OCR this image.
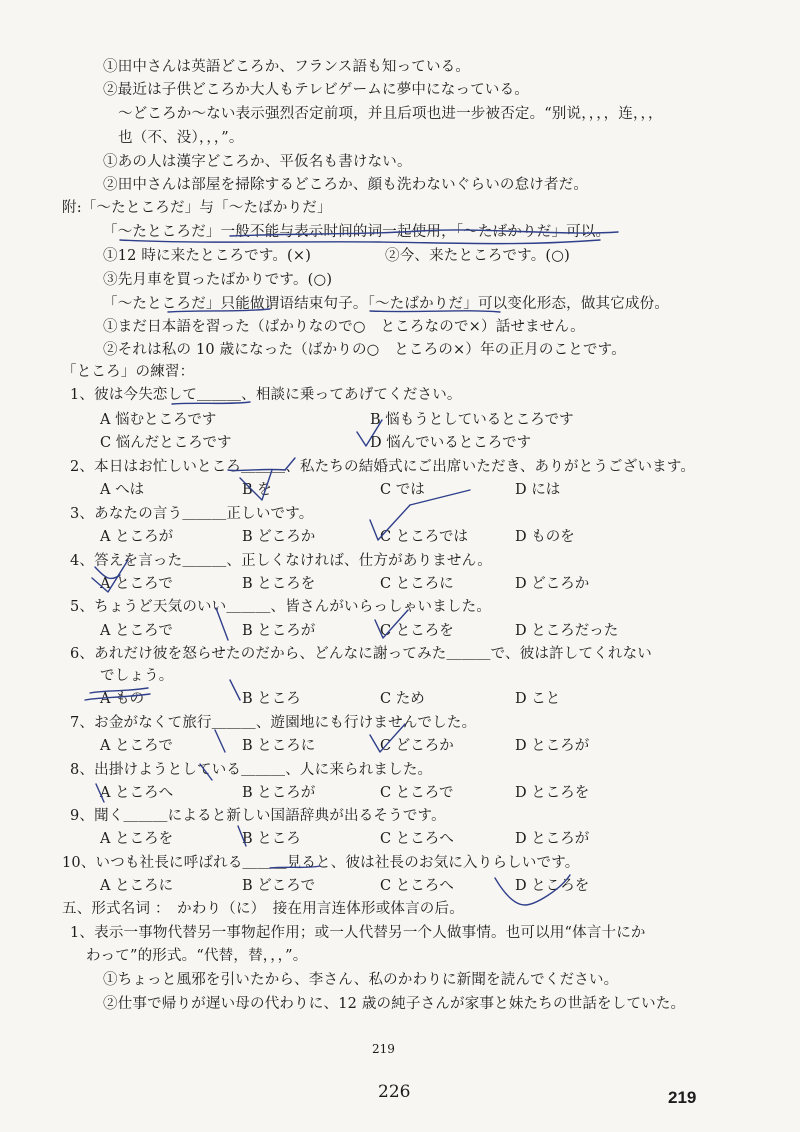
①田中さんは英語どころか、フランス語も知っている。
②最近は子供どころか大人もテレビゲームに夢中になっている。
～どころか～ない表示强烈否定前项，并且后项也进一步被否定。“别说，，，，连，，，
也（不、没），，，”。
①あの人は漢字どころか、平仮名も書けない。
②田中さんは部屋を掃除するどころか、顔も洗わないぐらいの怠け者だ。
附:「～たところだ」与「～たばかりだ」
「～たところだ」一般不能与表示时间的词一起使用，「～たばかりだ」可以。
①12 時に来たところです。(×)	②今、来たところです。(○)
③先月車を買ったばかりです。(○)
「～たところだ」只能做谓语结束句子。「～たばかりだ」可以变化形态，做其它成份。
①まだ日本語を習った（ばかりなので○　ところなので×）話せません。
②それは私の 10 歳になった（ばかりの○　ところの×）年の正月のことです。
「ところ」の練習：
1、彼は今失恋して＿＿＿、相談に乗ってあげてください。
A 悩むところです	B 悩もうとしているところです
C 悩んだところです	D 悩んでいるところです
2、本日はお忙しいところ＿＿＿、私たちの結婚式にご出席いただき、ありがとうございます。
A へは	B を	C では	D には
3、あなたの言う＿＿＿正しいです。
A ところが	B どころか	C ところでは	D ものを
4、答えを言った＿＿＿、正しくなければ、仕方がありません。
A ところで	B ところを	C ところに	D どころか
5、ちょうど天気のいい＿＿＿、皆さんがいらっしゃいました。
A ところで	B ところが	C ところを	D ところだった
6、あれだけ彼を怒らせたのだから、どんなに謝ってみた＿＿＿で、彼は許してくれない
でしょう。
A もの	B ところ	C ため	D こと
7、お金がなくて旅行＿＿＿、遊園地にも行けませんでした。
A ところで	B ところに	C どころか	D ところが
8、出掛けようとしている＿＿＿、人に来られました。
A ところへ	B ところが	C ところで	D ところを
9、聞く＿＿＿によると新しい国語辞典が出るそうです。
A ところを	B ところ	C ところへ	D ところが
10、いつも社長に呼ばれる＿＿＿見ると、彼は社長のお気に入りらしいです。
A ところに	B どころで	C ところへ	D ところを
五、形式名词 ：　かわり（に）　接在用言连体形或体言の后。
1、表示一事物代替另一事物起作用；或一人代替另一个人做事情。也可以用“体言十にか
わって”的形式。“代替，替，，，”。
①ちょっと風邪を引いたから、李さん、私のかわりに新聞を読んでください。
②仕事で帰りが遅い母の代わりに、12 歳の純子さんが家事と妹たちの世話をしていた。
219
226	219
